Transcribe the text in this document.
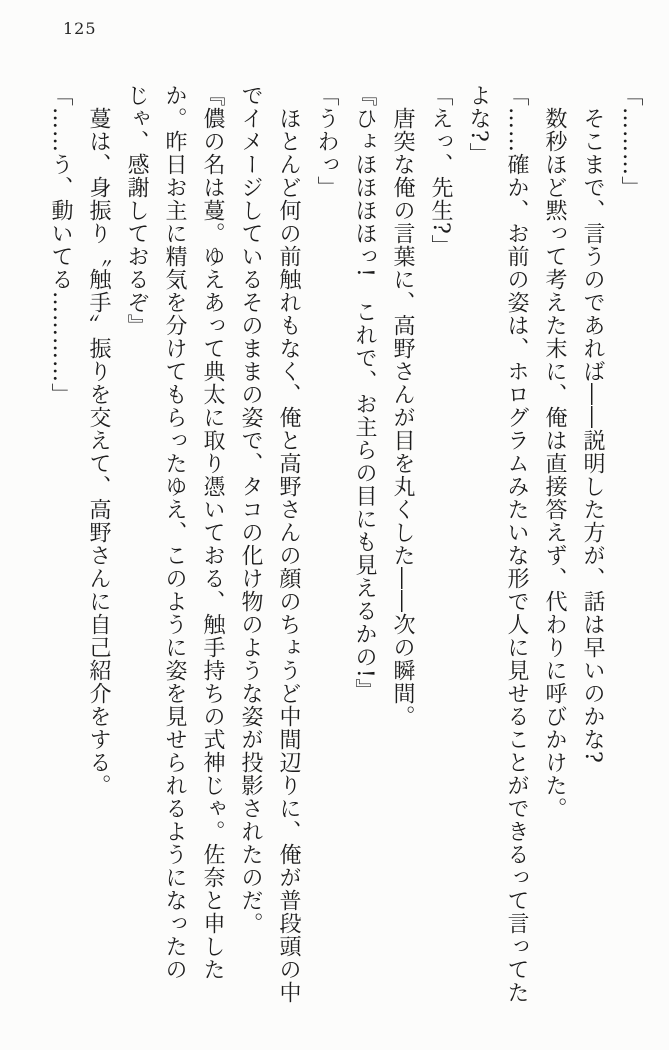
125

「………」

　そこまで、言うのであれば――説明した方が、話は早いのかな?

　数秒ほど黙って考えた末に、俺は直接答えず、代わりに呼びかけた。

「……確か、お前の姿は、ホログラムみたいな形で人に見せることができるって言ってた

よな?」

「えっ、先生?」

　唐突な俺の言葉に、高野さんが目を丸くした――次の瞬間。

『ひょほほほほっ!　これで、お主らの目にも見えるかの!』

「うわっ」

　ほとんど何の前触れもなく、俺と高野さんの顔のちょうど中間辺りに、俺が普段頭の中

でイメージしているそのままの姿で、タコの化け物のような姿が投影されたのだ。

『儂の名は蔓。ゆえあって典太に取り憑いておる、触手持ちの式神じゃ。佐奈と申した

か。昨日お主に精気を分けてもらったゆえ、このように姿を見せられるようになったの

じゃ、感謝しておるぞ』

　蔓は、身振り〝触手〟振りを交えて、高野さんに自己紹介をする。

「……う、動いてる…………」
